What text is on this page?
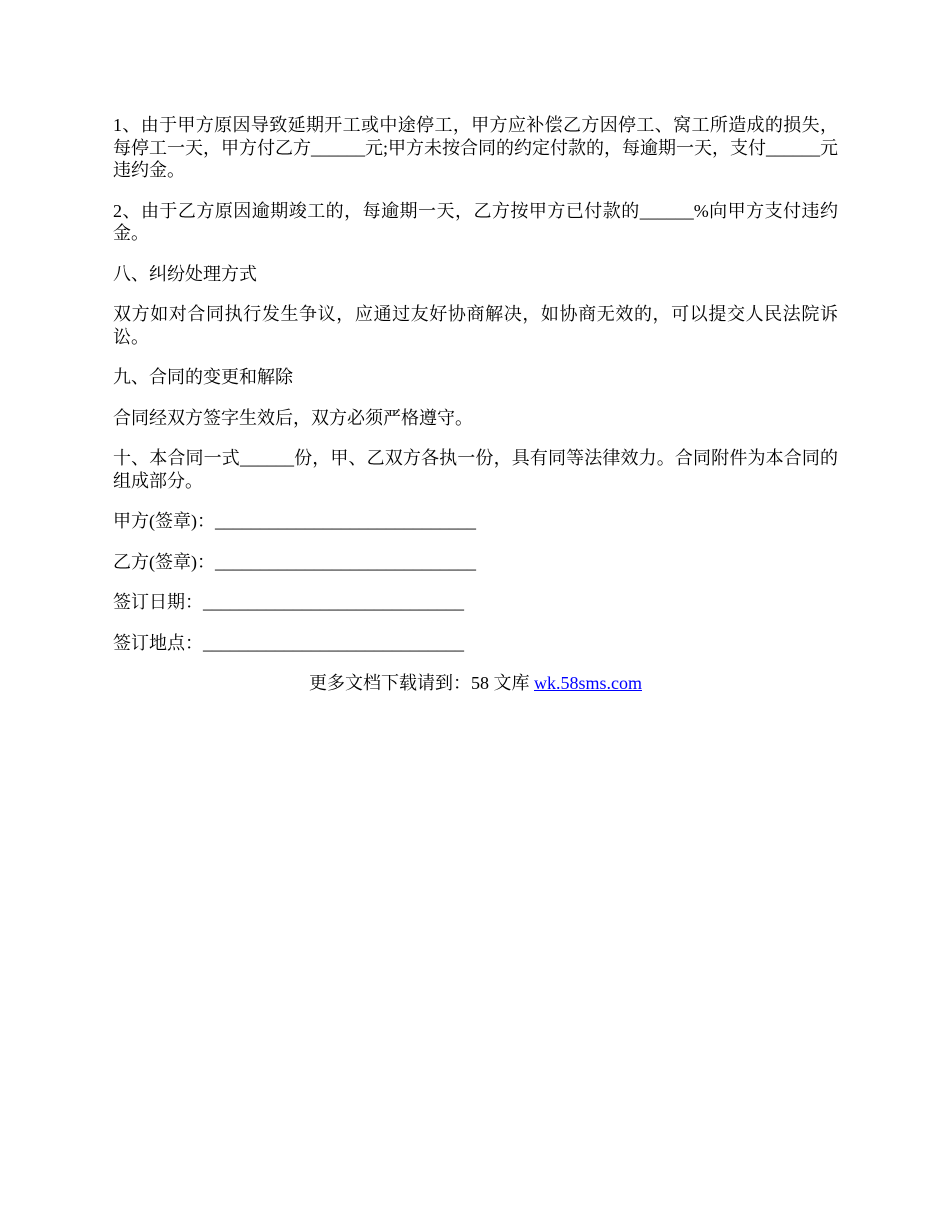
1、由于甲方原因导致延期开工或中途停工，甲方应补偿乙方因停工、窝工所造成的损失，每停工一天，甲方付乙方______元;甲方未按合同的约定付款的，每逾期一天，支付______元违约金。

2、由于乙方原因逾期竣工的，每逾期一天，乙方按甲方已付款的______%向甲方支付违约金。

八、纠纷处理方式

双方如对合同执行发生争议，应通过友好协商解决，如协商无效的，可以提交人民法院诉讼。

九、合同的变更和解除

合同经双方签字生效后，双方必须严格遵守。

十、本合同一式______份，甲、乙双方各执一份，具有同等法律效力。合同附件为本合同的组成部分。

甲方(签章)：_____________________________

乙方(签章)：_____________________________

签订日期：_____________________________

签订地点：_____________________________

更多文档下载请到：58 文库 wk.58sms.com
